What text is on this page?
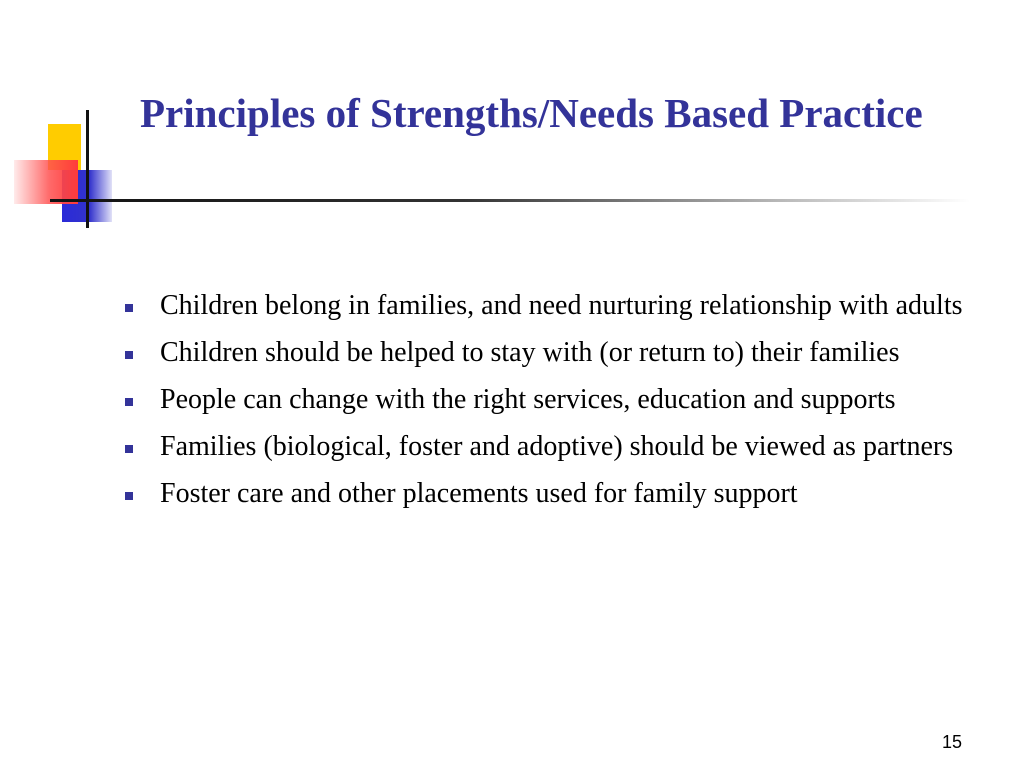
Principles of Strengths/Needs Based Practice
Children belong in families, and need nurturing relationship with adults
Children should be helped to stay with (or return to) their families
People can change with the right services, education and supports
Families (biological, foster and adoptive) should be viewed as partners
Foster care and other placements used for family support
15
